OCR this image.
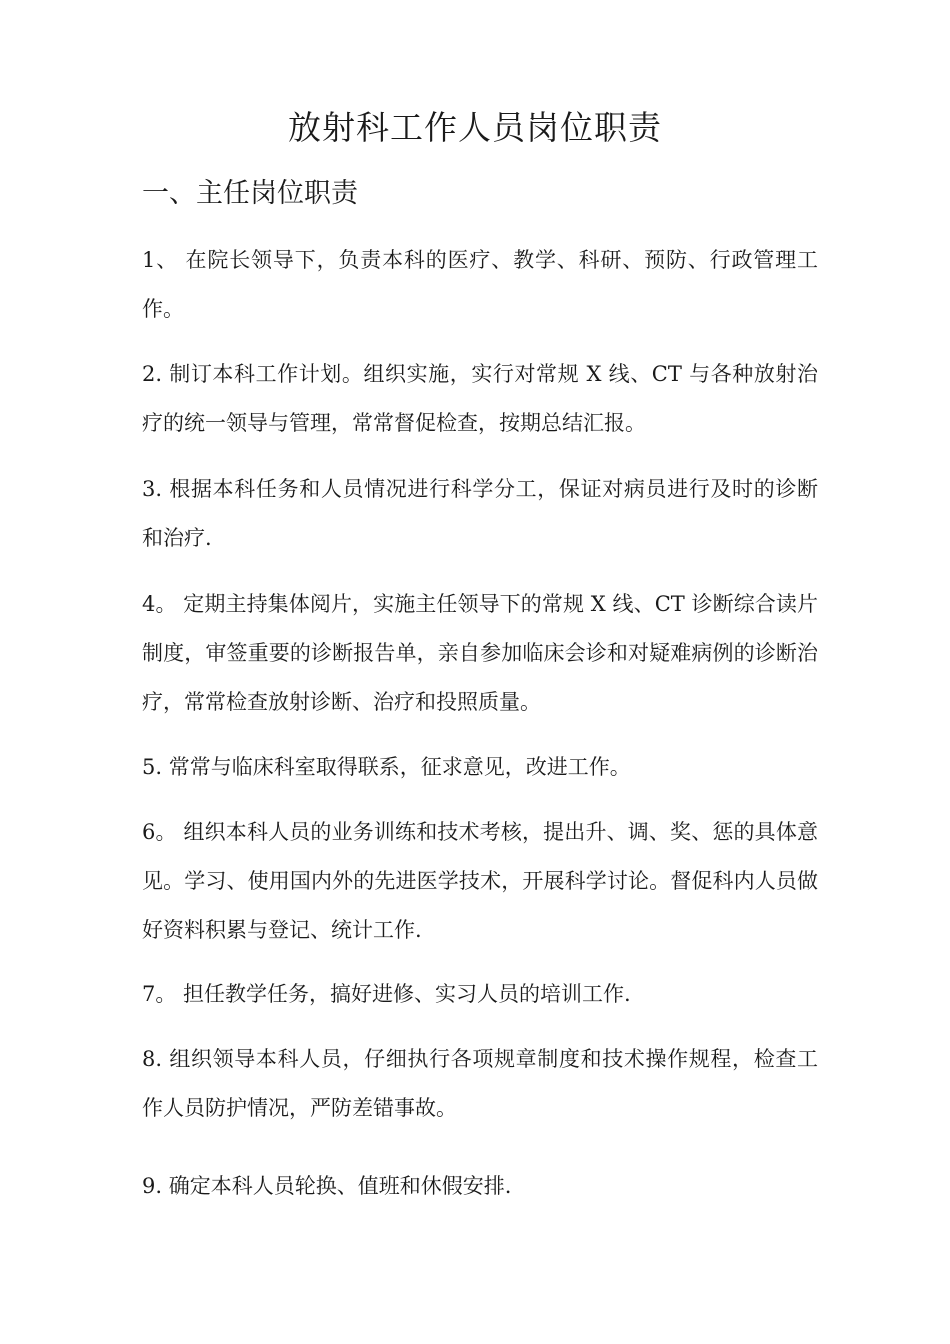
放射科工作人员岗位职责
一、主任岗位职责
1、 在院长领导下，负责本科的医疗、教学、科研、预防、行政管理工作。
2. 制订本科工作计划。组织实施，实行对常规 X 线、CT 与各种放射治疗的统一领导与管理，常常督促检查，按期总结汇报。
3. 根据本科任务和人员情况进行科学分工，保证对病员进行及时的诊断和治疗.
4。 定期主持集体阅片，实施主任领导下的常规 X 线、CT 诊断综合读片制度，审签重要的诊断报告单，亲自参加临床会诊和对疑难病例的诊断治疗，常常检查放射诊断、治疗和投照质量。
5. 常常与临床科室取得联系，征求意见，改进工作。
6。 组织本科人员的业务训练和技术考核，提出升、调、奖、惩的具体意见。学习、使用国内外的先进医学技术，开展科学讨论。督促科内人员做好资料积累与登记、统计工作.
7。 担任教学任务，搞好进修、实习人员的培训工作.
8. 组织领导本科人员，仔细执行各项规章制度和技术操作规程，检查工作人员防护情况，严防差错事故。
9. 确定本科人员轮换、值班和休假安排.
